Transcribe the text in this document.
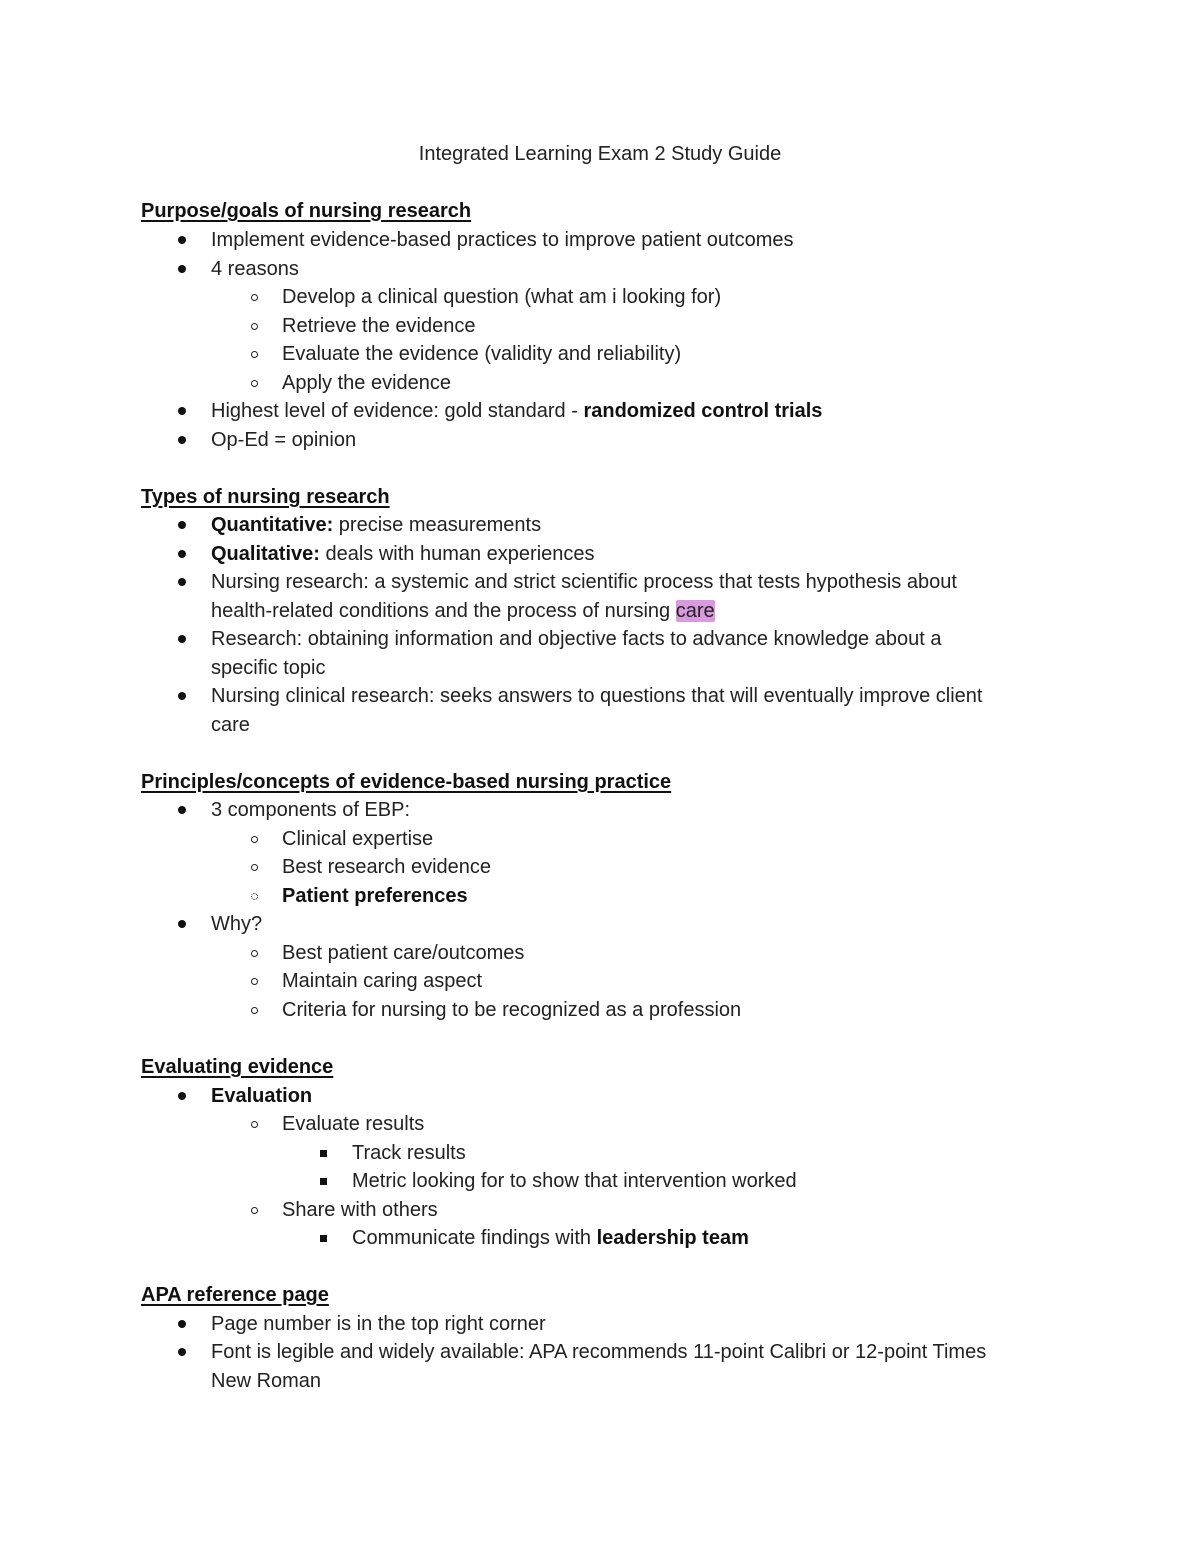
Integrated Learning Exam 2 Study Guide
Purpose/goals of nursing research
Implement evidence-based practices to improve patient outcomes
4 reasons
Develop a clinical question (what am i looking for)
Retrieve the evidence
Evaluate the evidence (validity and reliability)
Apply the evidence
Highest level of evidence: gold standard - randomized control trials
Op-Ed = opinion
Types of nursing research
Quantitative: precise measurements
Qualitative: deals with human experiences
Nursing research: a systemic and strict scientific process that tests hypothesis about
health-related conditions and the process of nursing care
Research: obtaining information and objective facts to advance knowledge about a
specific topic
Nursing clinical research: seeks answers to questions that will eventually improve client
care
Principles/concepts of evidence-based nursing practice
3 components of EBP:
Clinical expertise
Best research evidence
Patient preferences
Why?
Best patient care/outcomes
Maintain caring aspect
Criteria for nursing to be recognized as a profession
Evaluating evidence
Evaluation
Evaluate results
Track results
Metric looking for to show that intervention worked
Share with others
Communicate findings with leadership team
APA reference page
Page number is in the top right corner
Font is legible and widely available: APA recommends 11-point Calibri or 12-point Times
New Roman
